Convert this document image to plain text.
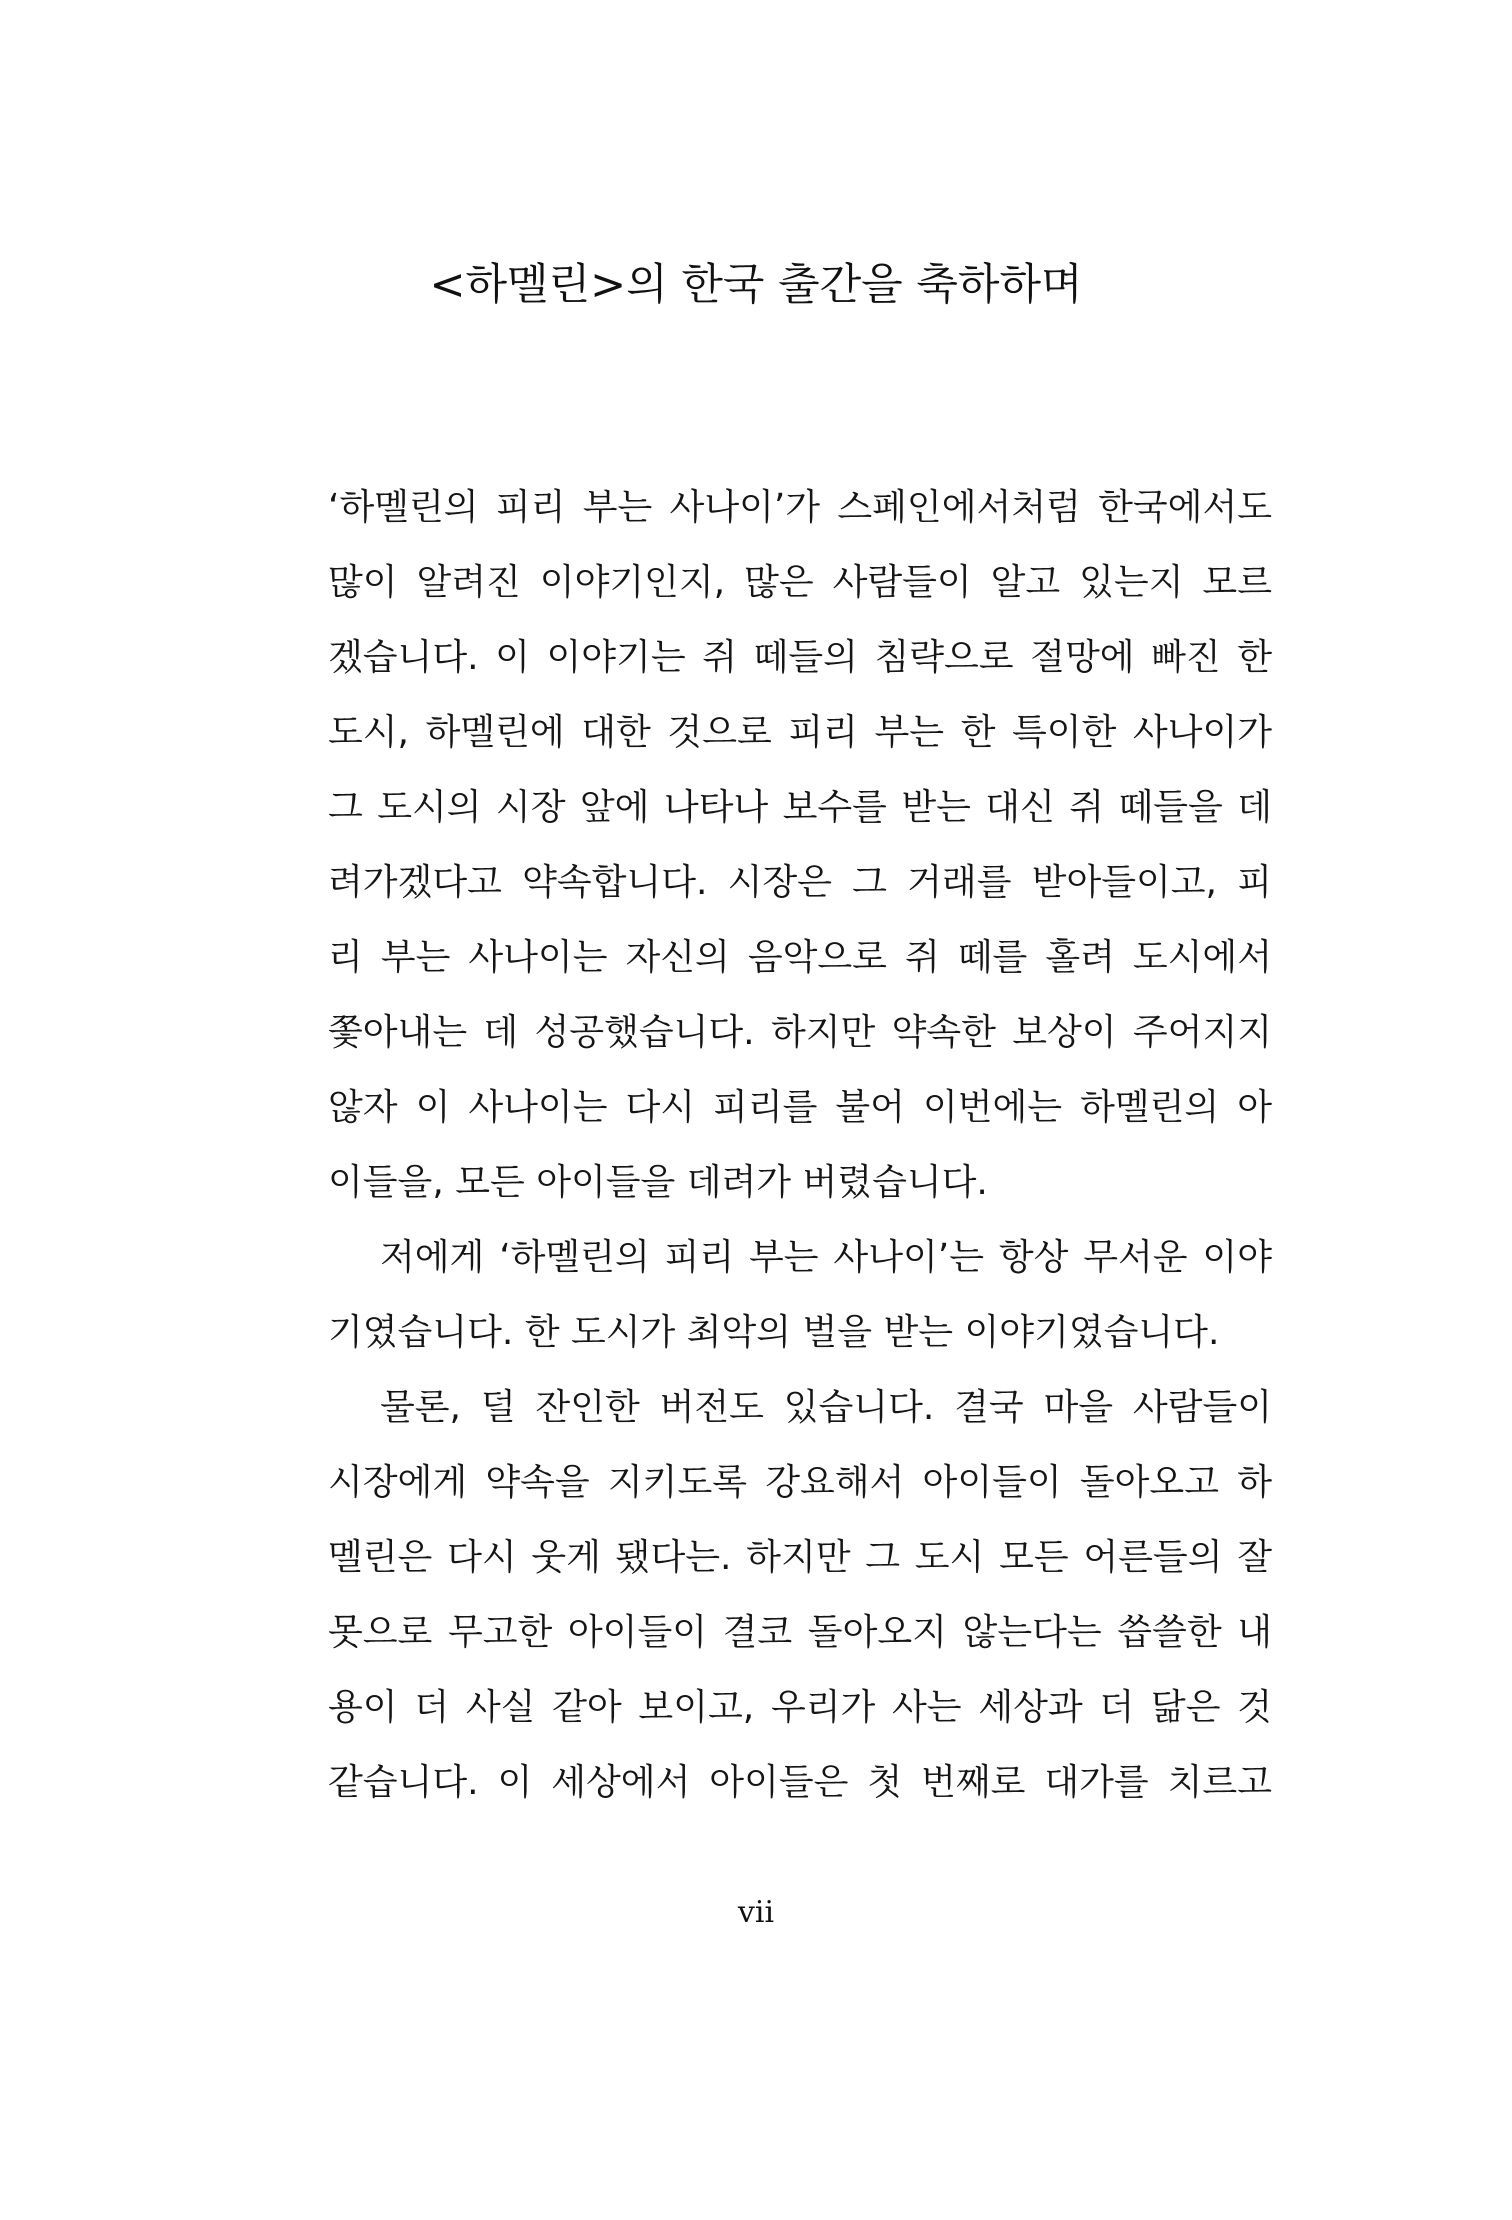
<하멜린>의 한국 출간을 축하하며
‘하멜린의 피리 부는 사나이’가 스페인에서처럼 한국에서도
많이 알려진 이야기인지, 많은 사람들이 알고 있는지 모르
겠습니다. 이 이야기는 쥐 떼들의 침략으로 절망에 빠진 한
도시, 하멜린에 대한 것으로 피리 부는 한 특이한 사나이가
그 도시의 시장 앞에 나타나 보수를 받는 대신 쥐 떼들을 데
려가겠다고 약속합니다. 시장은 그 거래를 받아들이고, 피
리 부는 사나이는 자신의 음악으로 쥐 떼를 홀려 도시에서
쫓아내는 데 성공했습니다. 하지만 약속한 보상이 주어지지
않자 이 사나이는 다시 피리를 불어 이번에는 하멜린의 아
이들을, 모든 아이들을 데려가 버렸습니다.
저에게 ‘하멜린의 피리 부는 사나이’는 항상 무서운 이야
기였습니다. 한 도시가 최악의 벌을 받는 이야기였습니다.
물론, 덜 잔인한 버전도 있습니다. 결국 마을 사람들이
시장에게 약속을 지키도록 강요해서 아이들이 돌아오고 하
멜린은 다시 웃게 됐다는. 하지만 그 도시 모든 어른들의 잘
못으로 무고한 아이들이 결코 돌아오지 않는다는 씁쓸한 내
용이 더 사실 같아 보이고, 우리가 사는 세상과 더 닮은 것
같습니다. 이 세상에서 아이들은 첫 번째로 대가를 치르고
vii
